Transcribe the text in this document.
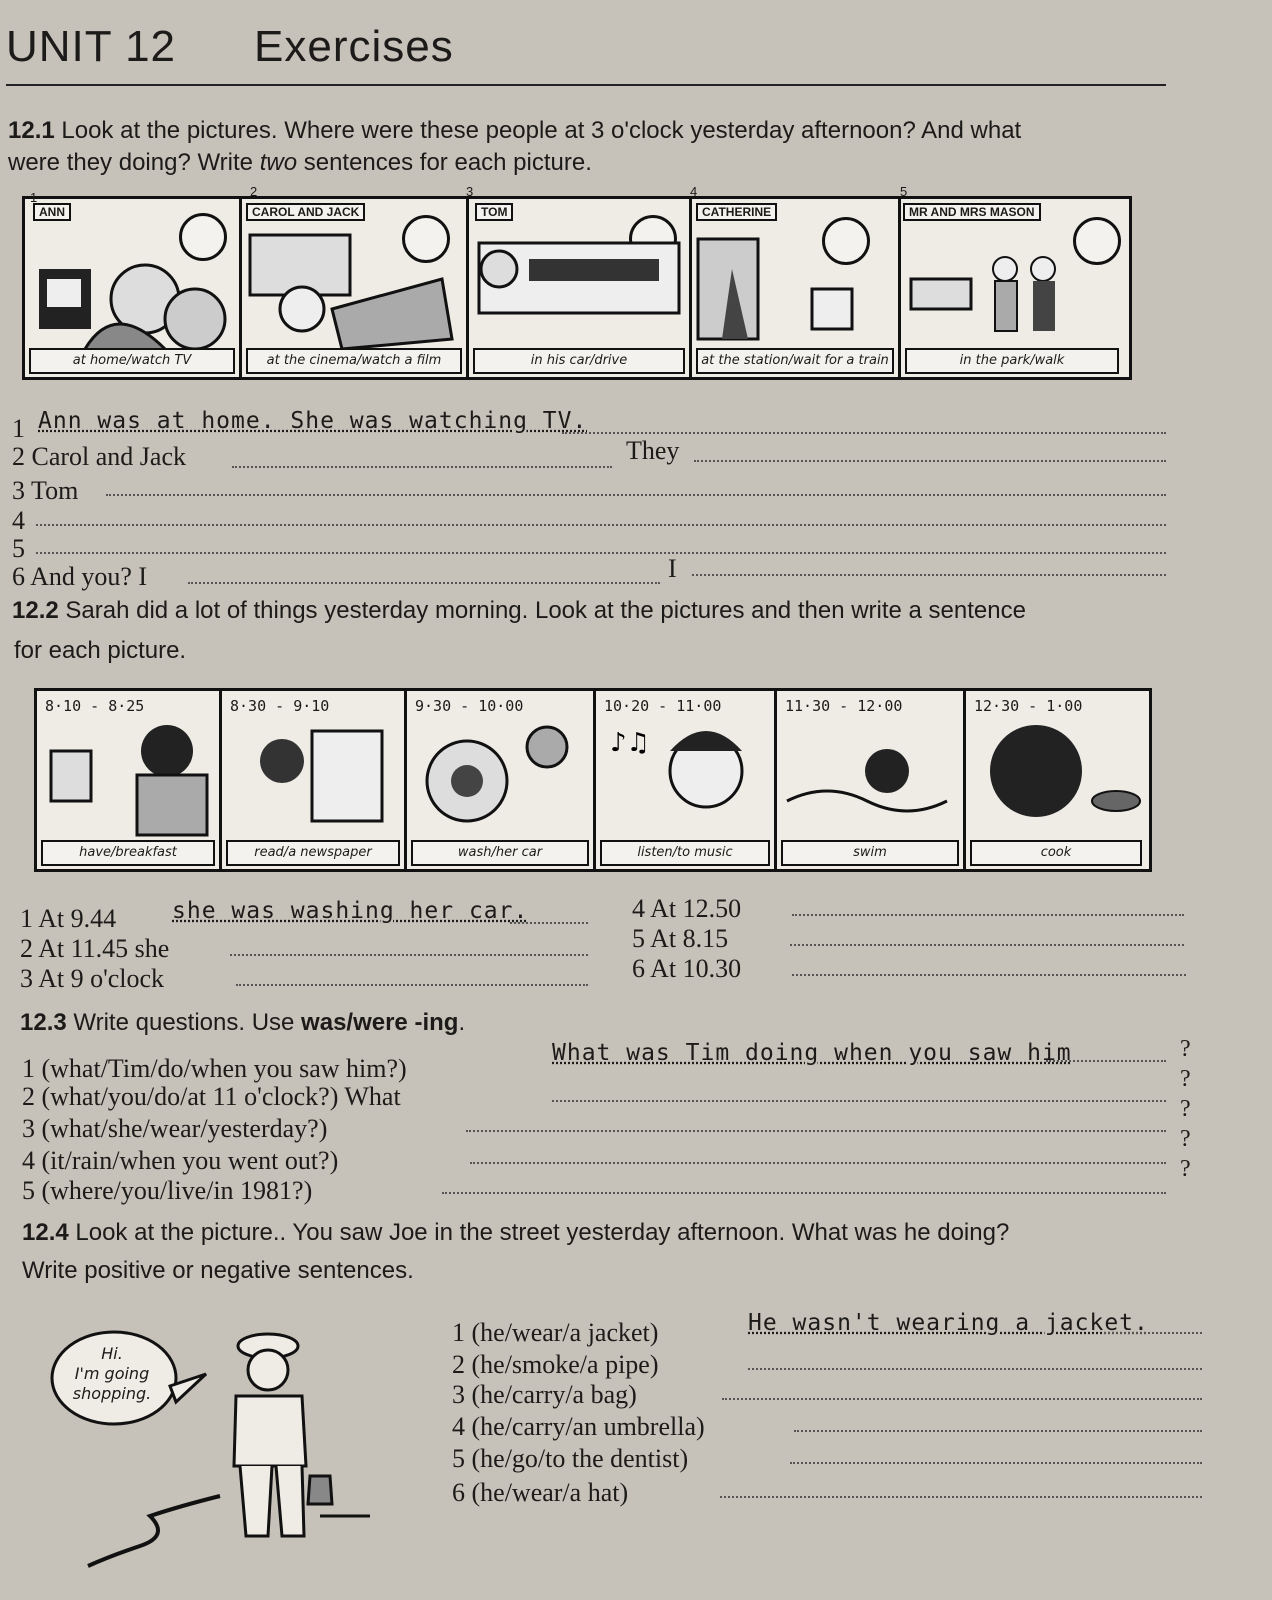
UNIT 12 Exercises
12.1 Look at the pictures. Where were these people at 3 o'clock yesterday afternoon? And what
were they doing? Write two sentences for each picture.
ANN
at home/watch TV
CAROL AND JACK
at the cinema/watch a film
TOM
in his car/drive
CATHERINE
at the station/wait for a train
MR AND MRS MASON
in the park/walk
1	2	3	4	5
1 Ann was at home. She was watching TV.
2 Carol and Jack	They
3 Tom
4
5
6 And you? I	I
12.2 Sarah did a lot of things yesterday morning. Look at the pictures and then write a sentence
for each picture.
8·10 - 8·25
have/breakfast
8·30 - 9·10
read/a newspaper
9·30 - 10·00
wash/her car
10·20 - 11·00
♪♫
listen/to music
11·30 - 12·00
swim
12·30 - 1·00
cook
1 At 9.44 she was washing her car.
2 At 11.45 she
3 At 9 o'clock
4 At 12.50
5 At 8.15
6 At 10.30
12.3 Write questions. Use was/were -ing.
1 (what/Tim/do/when you saw him?)
What was Tim doing when you saw him	?
2 (what/you/do/at 11 o'clock?) What
?
3 (what/she/wear/yesterday?)
?
4 (it/rain/when you went out?)
?
5 (where/you/live/in 1981?)
?
12.4 Look at the picture.. You saw Joe in the street yesterday afternoon. What was he doing?
Write positive or negative sentences.
Hi.
I'm going
shopping.
1 (he/wear/a jacket)	He wasn't wearing a jacket.
2 (he/smoke/a pipe)
3 (he/carry/a bag)
4 (he/carry/an umbrella)
5 (he/go/to the dentist)
6 (he/wear/a hat)
